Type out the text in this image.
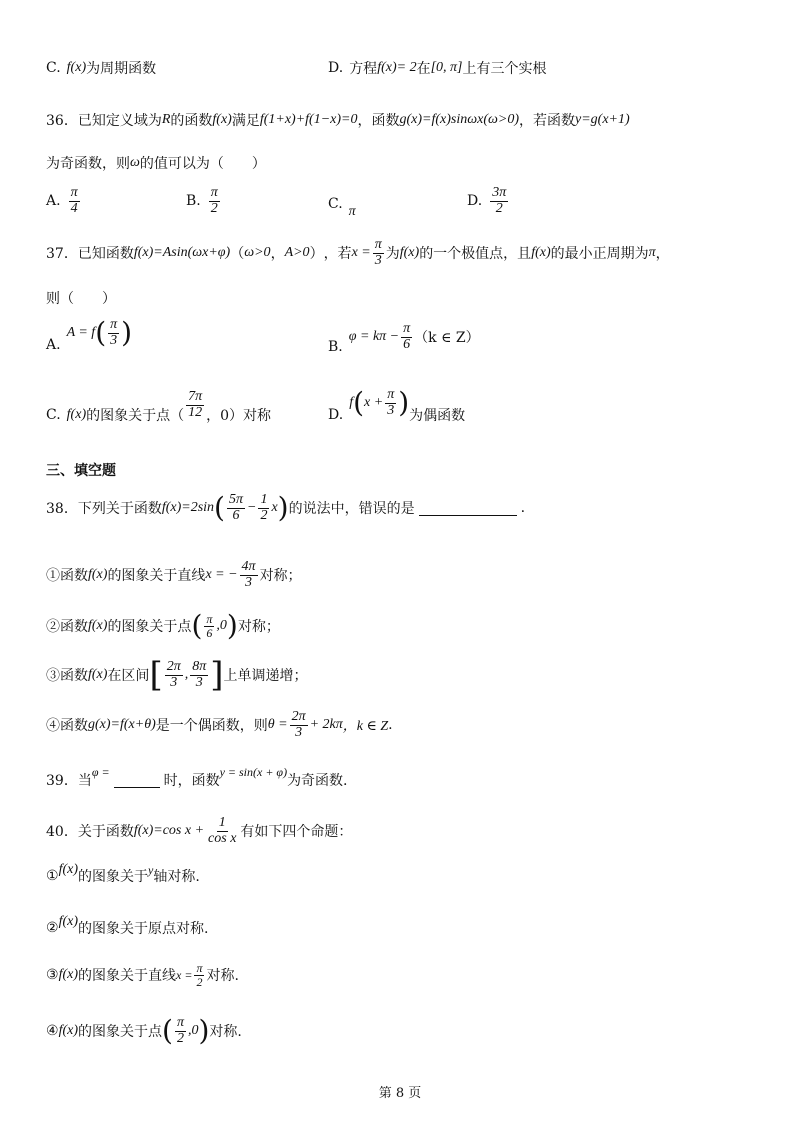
C. f(x) 为周期函数	D. 方程 f(x) = 2 在 [0, π] 上有三个实根
36． 已知定义域为 R 的函数 f(x) 满足 f(1+x)+f(1−x)=0 ，函数 g(x)=f(x)sinωx(ω>0) ，若函数 y=g(x+1)
为奇函数，则 ω 的值可以为（　　）
A. $\frac{\pi}{4}$	B. $\frac{\pi}{2}$	C. π
D. $\frac{3\pi}{2}$
37． 已知函数 f(x)=Asin(ωx+φ) （ ω>0 ， A>0 ） ，若 $x = \frac{\pi}{3}$ 为 f(x) 的一个极值点，且 f(x) 的最小正周期为 π ，
则（　　）
A.
A = f ( $\frac{\pi}{3}$ )	B.
$\varphi = k\pi - \frac{\pi}{6} (k$ ∈ Z）
C. f(x) 的图象关于点（ $\frac{7\pi}{12}$ ，0）对称	D.
f ( $x + \frac{\pi}{3}$ ) 为偶函数
三、填空题
38． 下列关于函数 f(x)=2sin ( $\frac{5\pi}{6} - \frac{1}{2}$ x ) 的说法中，错误的是	.
①函数 f(x) 的图象关于直线 x = − $\frac{4\pi}{3}$ 对称；
②函数 f(x) 的图象关于点 ( $\frac{\pi}{6} ,0$ ) 对称；
③函数 f(x) 在区间 [ $\frac{2\pi}{3}$ , $\frac{8\pi}{3}$ ] 上单调递增；
④函数 g(x)=f(x+θ) 是一个偶函数，则 $\theta = \frac{2\pi}{3} + 2k\pi$ ，k ∈ Z .
39． 当
φ =
时，函数
y = sin(x + φ)
为奇函数.
40． 关于函数 f(x)=cos $x + \frac{1}{\text{cos x}}$ 有如下四个命题：
① f(x) 的图象关于 y 轴对称.
② f(x) 的图象关于原点对称.
③ f(x) 的图象关于直线 $x = \frac{\pi}{2}$ 对称.
④ f(x) 的图象关于点 ( $\frac{\pi}{2} ,0$ ) 对称.
第 8 页
